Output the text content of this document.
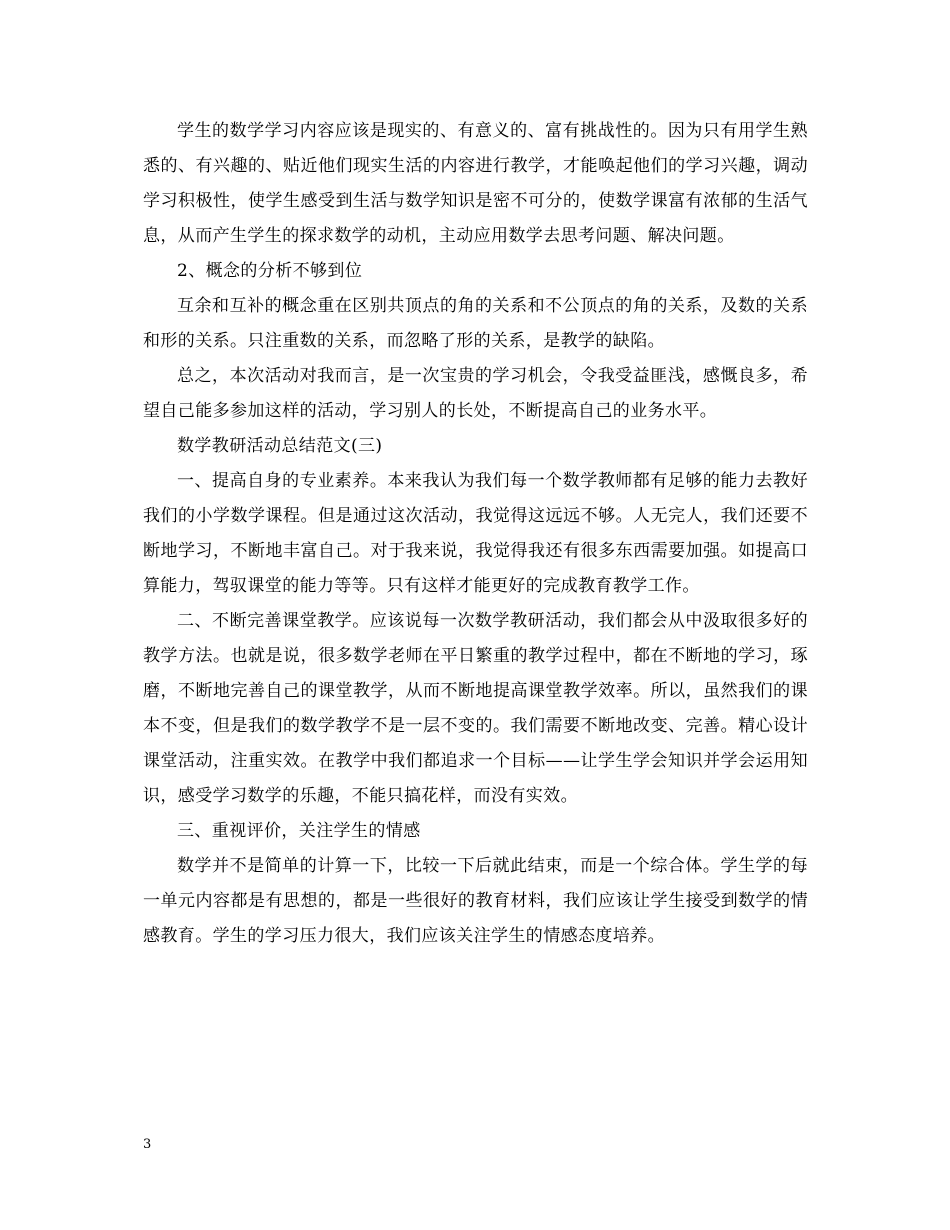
学生的数学学习内容应该是现实的、有意义的、富有挑战性的。因为只有用学生熟悉的、有兴趣的、贴近他们现实生活的内容进行教学，才能唤起他们的学习兴趣，调动学习积极性，使学生感受到生活与数学知识是密不可分的，使数学课富有浓郁的生活气息，从而产生学生的探求数学的动机，主动应用数学去思考问题、解决问题。

2、概念的分析不够到位

互余和互补的概念重在区别共顶点的角的关系和不公顶点的角的关系，及数的关系和形的关系。只注重数的关系，而忽略了形的关系，是教学的缺陷。

总之，本次活动对我而言，是一次宝贵的学习机会，令我受益匪浅，感慨良多，希望自己能多参加这样的活动，学习别人的长处，不断提高自己的业务水平。

数学教研活动总结范文(三)

一、提高自身的专业素养。本来我认为我们每一个数学教师都有足够的能力去教好我们的小学数学课程。但是通过这次活动，我觉得这远远不够。人无完人，我们还要不断地学习，不断地丰富自己。对于我来说，我觉得我还有很多东西需要加强。如提高口算能力，驾驭课堂的能力等等。只有这样才能更好的完成教育教学工作。

二、不断完善课堂教学。应该说每一次数学教研活动，我们都会从中汲取很多好的教学方法。也就是说，很多数学老师在平日繁重的教学过程中，都在不断地的学习，琢磨，不断地完善自己的课堂教学，从而不断地提高课堂教学效率。所以，虽然我们的课本不变，但是我们的数学教学不是一层不变的。我们需要不断地改变、完善。精心设计课堂活动，注重实效。在教学中我们都追求一个目标——让学生学会知识并学会运用知识，感受学习数学的乐趣，不能只搞花样，而没有实效。

三、重视评价，关注学生的情感

数学并不是简单的计算一下，比较一下后就此结束，而是一个综合体。学生学的每一单元内容都是有思想的，都是一些很好的教育材料，我们应该让学生接受到数学的情感教育。学生的学习压力很大，我们应该关注学生的情感态度培养。

3
